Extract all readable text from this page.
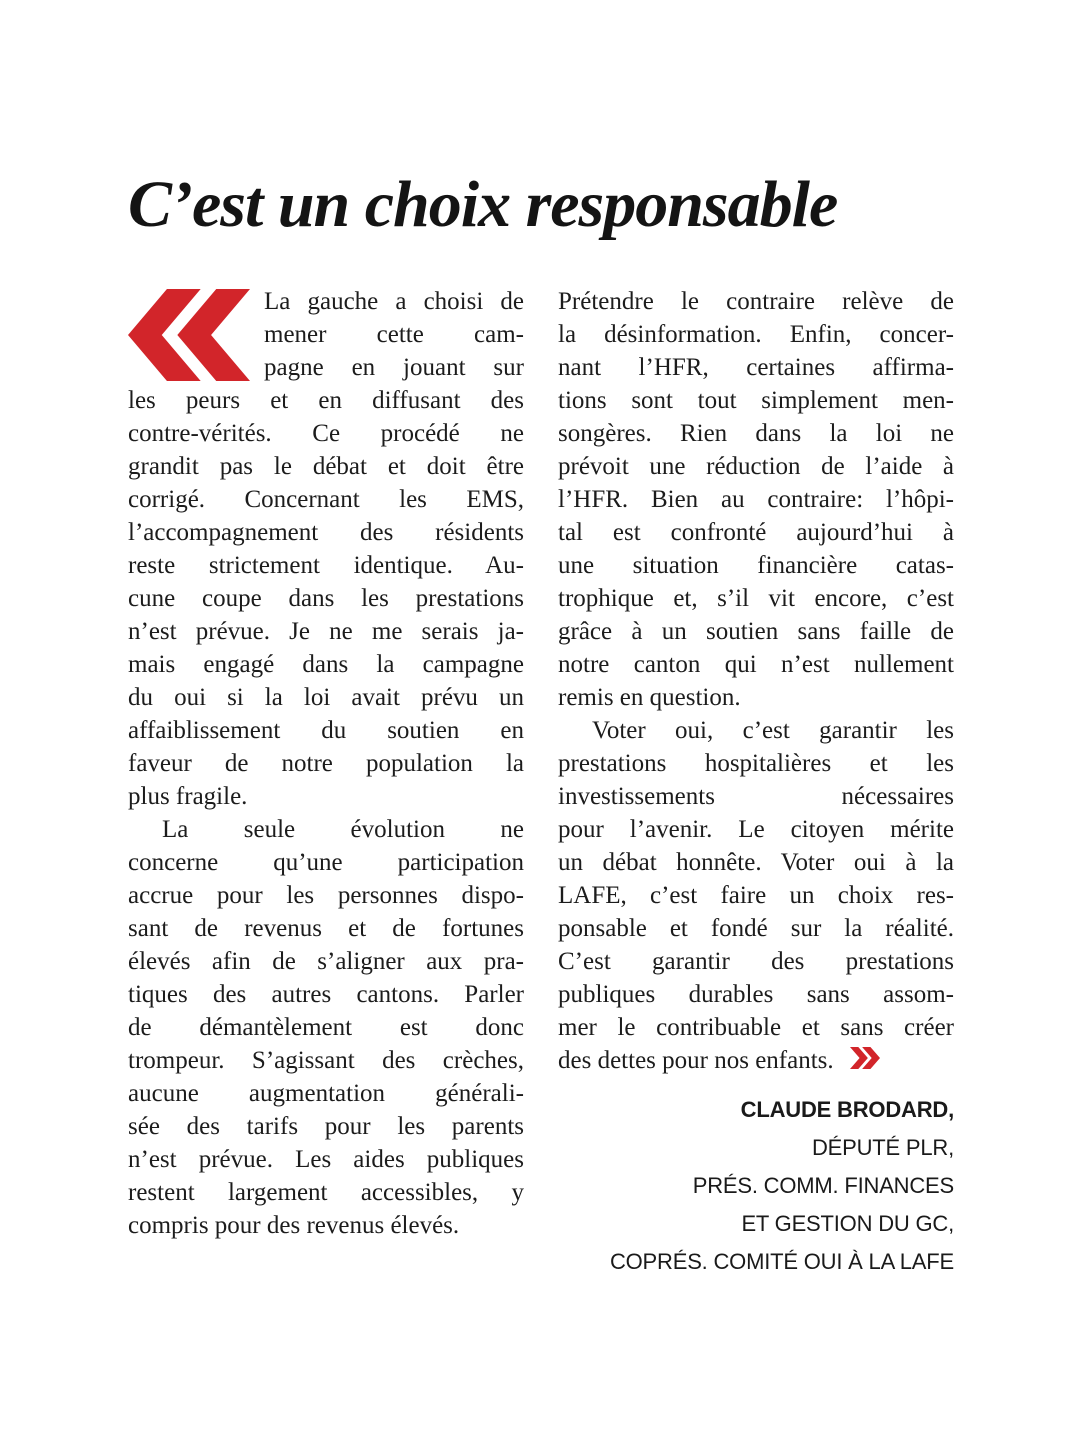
C’est un choix responsable
La gauche a choisi de
mener cette cam-
pagne en jouant sur
les peurs et en diffusant des
contre-vérités. Ce procédé ne
grandit pas le débat et doit être
corrigé. Concernant les EMS,
l’accompagnement des résidents
reste strictement identique. Au-
cune coupe dans les prestations
n’est prévue. Je ne me serais ja-
mais engagé dans la campagne
du oui si la loi avait prévu un
affaiblissement du soutien en
faveur de notre population la
plus fragile.
La seule évolution ne
concerne qu’une participation
accrue pour les personnes dispo-
sant de revenus et de fortunes
élevés afin de s’aligner aux pra-
tiques des autres cantons. Parler
de démantèlement est donc
trompeur. S’agissant des crèches,
aucune augmentation générali-
sée des tarifs pour les parents
n’est prévue. Les aides publiques
restent largement accessibles, y
compris pour des revenus élevés.
Prétendre le contraire relève de
la désinformation. Enfin, concer-
nant l’HFR, certaines affirma-
tions sont tout simplement men-
songères. Rien dans la loi ne
prévoit une réduction de l’aide à
l’HFR. Bien au contraire: l’hôpi-
tal est confronté aujourd’hui à
une situation financière catas-
trophique et, s’il vit encore, c’est
grâce à un soutien sans faille de
notre canton qui n’est nullement
remis en question.
Voter oui, c’est garantir les
prestations hospitalières et les
investissements nécessaires
pour l’avenir. Le citoyen mérite
un débat honnête. Voter oui à la
LAFE, c’est faire un choix res-
ponsable et fondé sur la réalité.
C’est garantir des prestations
publiques durables sans assom-
mer le contribuable et sans créer
des dettes pour nos enfants.
CLAUDE BRODARD,
DÉPUTÉ PLR,
PRÉS. COMM. FINANCES
ET GESTION DU GC,
COPRÉS. COMITÉ OUI À LA LAFE
